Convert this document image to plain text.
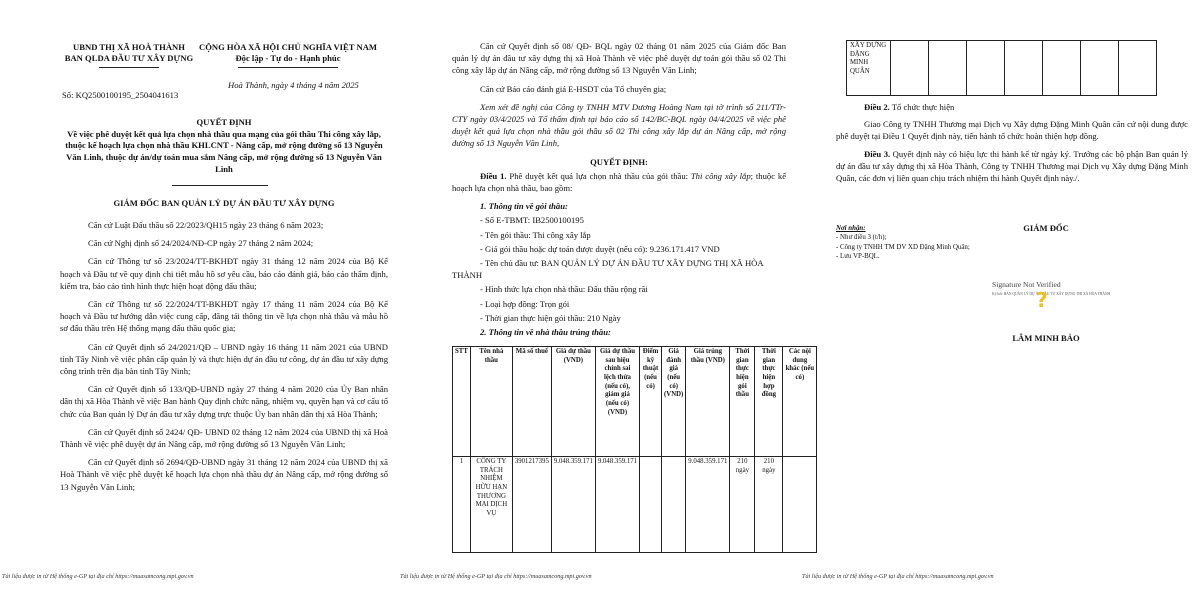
UBND THỊ XÃ HOÀ THÀNH
BAN QLDA ĐẦU TƯ XÂY DỰNG
CỘNG HÒA XÃ HỘI CHỦ NGHĨA VIỆT NAM
Độc lập - Tự do - Hạnh phúc
Số: KQ2500100195_2504041613
Hoà Thành, ngày 4 tháng 4 năm 2025
QUYẾT ĐỊNH
Về việc phê duyệt kết quả lựa chọn nhà thầu qua mạng của gói thầu Thi công xây lắp, thuộc kế hoạch lựa chọn nhà thầu KHLCNT - Nâng cấp, mở rộng đường số 13 Nguyễn Văn Linh, thuộc dự án/dự toán mua sắm Nâng cấp, mở rộng đường số 13 Nguyễn Văn Linh
GIÁM ĐỐC BAN QUẢN LÝ DỰ ÁN ĐẦU TƯ XÂY DỰNG
Căn cứ Luật Đấu thầu số 22/2023/QH15 ngày 23 tháng 6 năm 2023;
Căn cứ Nghị định số 24/2024/NĐ-CP ngày 27 tháng 2 năm 2024;
Căn cứ Thông tư số 23/2024/TT-BKHĐT ngày 31 tháng 12 năm 2024 của Bộ Kế hoạch và Đầu tư về quy định chi tiết mẫu hồ sơ yêu cầu, báo cáo đánh giá, báo cáo thẩm định, kiểm tra, báo cáo tình hình thực hiện hoạt động đấu thầu;
Căn cứ Thông tư số 22/2024/TT-BKHĐT ngày 17 tháng 11 năm 2024 của Bộ Kế hoạch và Đầu tư hướng dẫn việc cung cấp, đăng tải thông tin về lựa chọn nhà thầu và mẫu hồ sơ đấu thầu trên Hệ thống mạng đấu thầu quốc gia;
Căn cứ Quyết định số 24/2021/QĐ – UBND ngày 16 tháng 11 năm 2021 của UBND tỉnh Tây Ninh về việc phân cấp quản lý và thực hiện dự án đầu tư công, dự án đầu tư xây dựng công trình trên địa bàn tỉnh Tây Ninh;
Căn cứ Quyết định số 133/QĐ-UBND ngày 27 tháng 4 năm 2020 của Ủy Ban nhân dân thị xã Hòa Thành về việc Ban hành Quy định chức năng, nhiệm vụ, quyền hạn và cơ cấu tổ chức của Ban quản lý Dự án đầu tư xây dựng trực thuộc Ủy ban nhân dân thị xã Hòa Thành;
Căn cứ Quyết định số 2424/ QĐ- UBND 02 tháng 12 năm 2024 của UBND thị xã Hoà Thành về việc phê duyệt dự án Nâng cấp, mở rộng đường số 13 Nguyễn Văn Linh;
Căn cứ Quyết định số 2694/QĐ-UBND ngày 31 tháng 12 năm 2024 của UBND thị xã Hoà Thành về việc phê duyệt kế hoạch lựa chọn nhà thầu dự án Nâng cấp, mở rộng đường số 13 Nguyễn Văn Linh;
Tài liệu được in từ Hệ thống e-GP tại địa chỉ https://muasamcong.mpi.gov.vn	Tài liệu được in từ Hệ thống e-GP tại địa chỉ https://muasamcong.mpi.gov.vn
Căn cứ Quyết định số 08/ QĐ- BQL ngày 02 tháng 01 năm 2025 của Giám đốc Ban quản lý dự án đầu tư xây dựng thị xã Hoà Thành về việc phê duyệt dự toán gói thầu số 02 Thi công xây lắp dự án Nâng cấp, mở rộng đường số 13 Nguyễn Văn Linh;
Căn cứ Báo cáo đánh giá E-HSDT của Tổ chuyên gia;
Xem xét đề nghị của Công ty TNHH MTV Dương Hoàng Nam tại tờ trình số 211/TTr-CTY ngày 03/4/2025 và Tổ thẩm định tại báo cáo số 142/BC-BQL ngày 04/4/2025 về việc phê duyệt kết quả lựa chọn nhà thầu gói thầu số 02 Thi công xây lắp dự án Nâng cấp, mở rộng đường số 13 Nguyễn Văn Linh,
QUYẾT ĐỊNH:
Điều 1. Phê duyệt kết quả lựa chọn nhà thầu của gói thầu: Thi công xây lắp; thuộc kế hoạch lựa chọn nhà thầu, bao gồm:
1. Thông tin về gói thầu:
- Số E-TBMT: IB2500100195
- Tên gói thầu: Thi công xây lắp
- Giá gói thầu hoặc dự toán được duyệt (nếu có): 9.236.171.417 VND
- Tên chủ đầu tư: BAN QUẢN LÝ DỰ ÁN ĐẦU TƯ XÂY DỰNG THỊ XÃ HÒA THÀNH
- Hình thức lựa chọn nhà thầu: Đấu thầu rộng rãi
- Loại hợp đồng: Trọn gói
- Thời gian thực hiện gói thầu: 210 Ngày
2. Thông tin về nhà thầu trúng thầu:
STT	Tên nhà thầu	Mã số thuế	Giá dự thầu (VND)	Giá dự thầu sau hiệu chỉnh sai lệch thừa (nếu có), giảm giá (nếu có) (VND)	Điểm kỹ thuật (nếu có)	Giá đánh giá (nếu có) (VND)	Giá trúng thầu (VND)	Thời gian thực hiện gói thầu	Thời gian thực hiện hợp đồng	Các nội dung khác (nếu có)
1	CÔNG TY TRÁCH NHIỆM HỮU HẠN THƯƠNG MẠI DỊCH VỤ	3901217395	9.048.359.171	9.048.359.171			9.048.359.171	210 ngày	210 ngày	
Tài liệu được in từ Hệ thống e-GP tại địa chỉ https://muasamcong.mpi.gov.vn
XÂY DỰNG ĐẶNG MINH QUÂN							
Điều 2. Tổ chức thực hiện
Giao Công ty TNHH Thương mại Dịch vụ Xây dựng Đặng Minh Quân căn cứ nội dung được phê duyệt tại Điều 1 Quyết định này, tiến hành tổ chức hoàn thiện hợp đồng.
Điều 3. Quyết định này có hiệu lực thi hành kể từ ngày ký. Trưởng các bộ phận Ban quản lý dự án đầu tư xây dựng thị xã Hòa Thành, Công ty TNHH Thương mại Dịch vụ Xây dựng Đặng Minh Quân, các đơn vị liên quan chịu trách nhiệm thi hành Quyết định này./.
Nơi nhận:
- Như điều 3 (t/h);
- Công ty TNHH TM DV XD Đặng Minh Quân;
- Lưu VP-BQL.
GIÁM ĐỐC
Signature Not Verified
Ký bởi: BAN QUẢN LÝ DỰ ÁN ĐẦU TƯ XÂY DỰNG THỊ XÃ HÒA THÀNH
?
LÂM MINH BẢO
